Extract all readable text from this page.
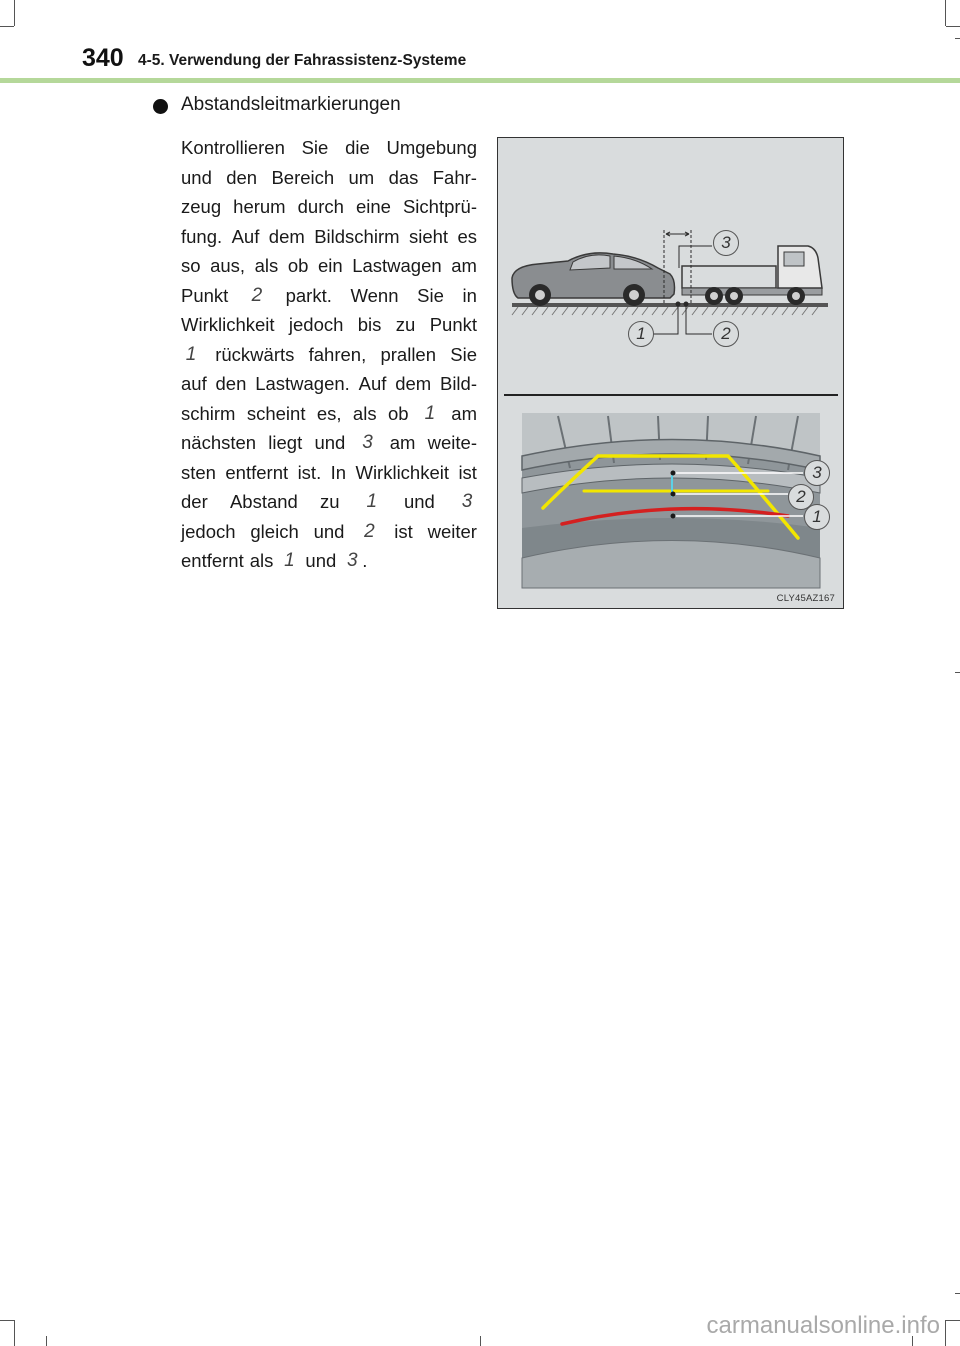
340 4-5. Verwendung der Fahrassistenz-Systeme
Abstandsleitmarkierungen
Kontrollieren Sie die Umgebung
und den Bereich um das Fahr-
zeug herum durch eine Sichtprü-
fung. Auf dem Bildschirm sieht es
so aus, als ob ein Lastwagen am
Punkt 2 parkt. Wenn Sie in
Wirklichkeit jedoch bis zu Punkt
1 rückwärts fahren, prallen Sie
auf den Lastwagen. Auf dem Bild-
schirm scheint es, als ob 1 am
nächsten liegt und 3 am weite-
sten entfernt ist. In Wirklichkeit ist
der Abstand zu 1 und 3
jedoch gleich und 2 ist weiter
entfernt als 1 und 3 .
3
1	2
3
2
1
CLY45AZ167
carmanualsonline.info
